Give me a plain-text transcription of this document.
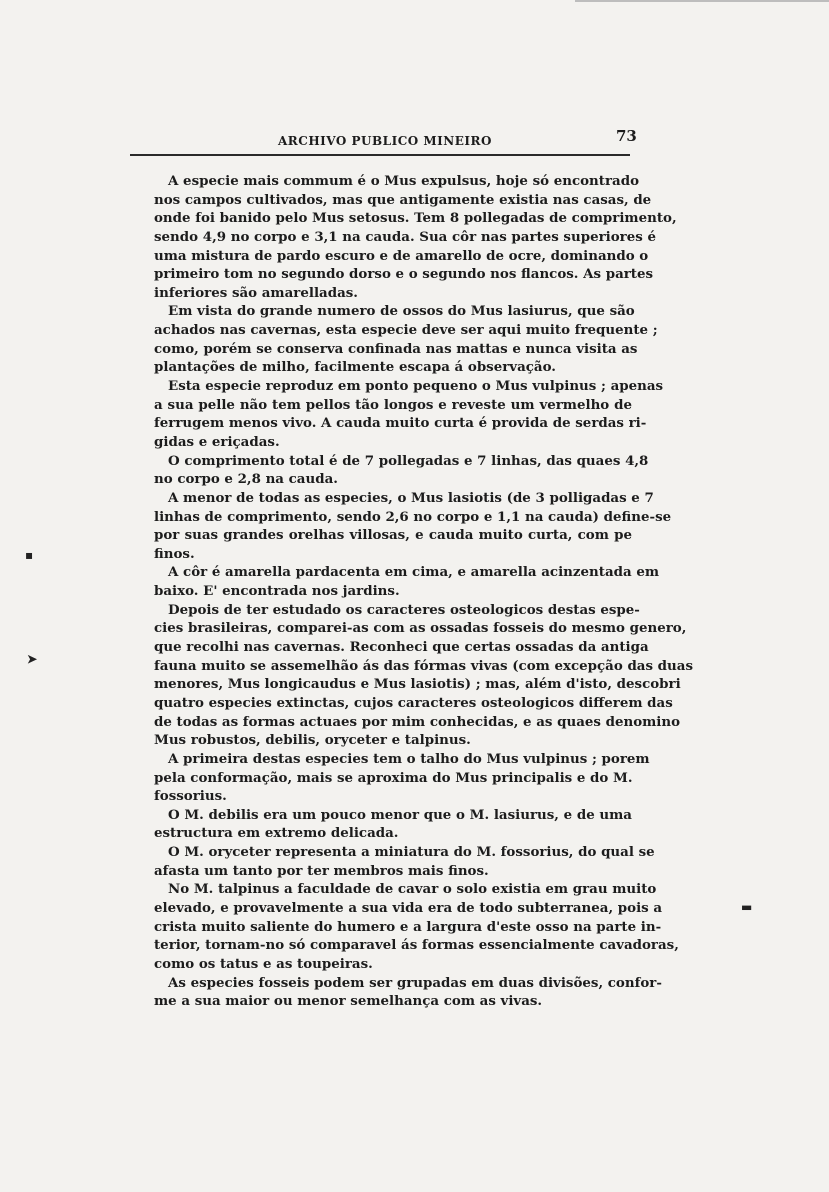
ARCHIVO PUBLICO MINEIRO	73
A especie mais commum é o Mus expulsus, hoje só encontrado
nos campos cultivados, mas que antigamente existia nas casas, de
onde foi banido pelo Mus setosus. Tem 8 pollegadas de comprimento,
sendo 4,9 no corpo e 3,1 na cauda. Sua côr nas partes superiores é
uma mistura de pardo escuro e de amarello de ocre, dominando o
primeiro tom no segundo dorso e o segundo nos flancos. As partes
inferiores são amarelladas.
Em vista do grande numero de ossos do Mus lasiurus, que são
achados nas cavernas, esta especie deve ser aqui muito frequente ;
como, porém se conserva confinada nas mattas e nunca visita as
plantações de milho, facilmente escapa á observação.
Esta especie reproduz em ponto pequeno o Mus vulpinus ; apenas
a sua pelle não tem pellos tão longos e reveste um vermelho de
ferrugem menos vivo. A cauda muito curta é provida de serdas ri-
gidas e eriçadas.
O comprimento total é de 7 pollegadas e 7 linhas, das quaes 4,8
no corpo e 2,8 na cauda.
A menor de todas as especies, o Mus lasiotis (de 3 polligadas e 7
linhas de comprimento, sendo 2,6 no corpo e 1,1 na cauda) define-se
por suas grandes orelhas villosas, e cauda muito curta, com pe
finos.
A côr é amarella pardacenta em cima, e amarella acinzentada em
baixo. E' encontrada nos jardins.
Depois de ter estudado os caracteres osteologicos destas espe-
cies brasileiras, comparei-as com as ossadas fosseis do mesmo genero,
que recolhi nas cavernas. Reconheci que certas ossadas da antiga
fauna muito se assemelhão ás das fórmas vivas (com excepção das duas
menores, Mus longicaudus e Mus lasiotis) ; mas, além d'isto, descobri
quatro especies extinctas, cujos caracteres osteologicos differem das
de todas as formas actuaes por mim conhecidas, e as quaes denomino
Mus robustos, debilis, oryceter e talpinus.
A primeira destas especies tem o talho do Mus vulpinus ; porem
pela conformação, mais se aproxima do Mus principalis e do M.
fossorius.
O M. debilis era um pouco menor que o M. lasiurus, e de uma
estructura em extremo delicada.
O M. oryceter representa a miniatura do M. fossorius, do qual se
afasta um tanto por ter membros mais finos.
No M. talpinus a faculdade de cavar o solo existia em grau muito
elevado, e provavelmente a sua vida era de todo subterranea, pois a
crista muito saliente do humero e a largura d'este osso na parte in-
terior, tornam-no só comparavel ás formas essencialmente cavadoras,
como os tatus e as toupeiras.
As especies fosseis podem ser grupadas em duas divisões, confor-
me a sua maior ou menor semelhança com as vivas.
▪
➤
▬
